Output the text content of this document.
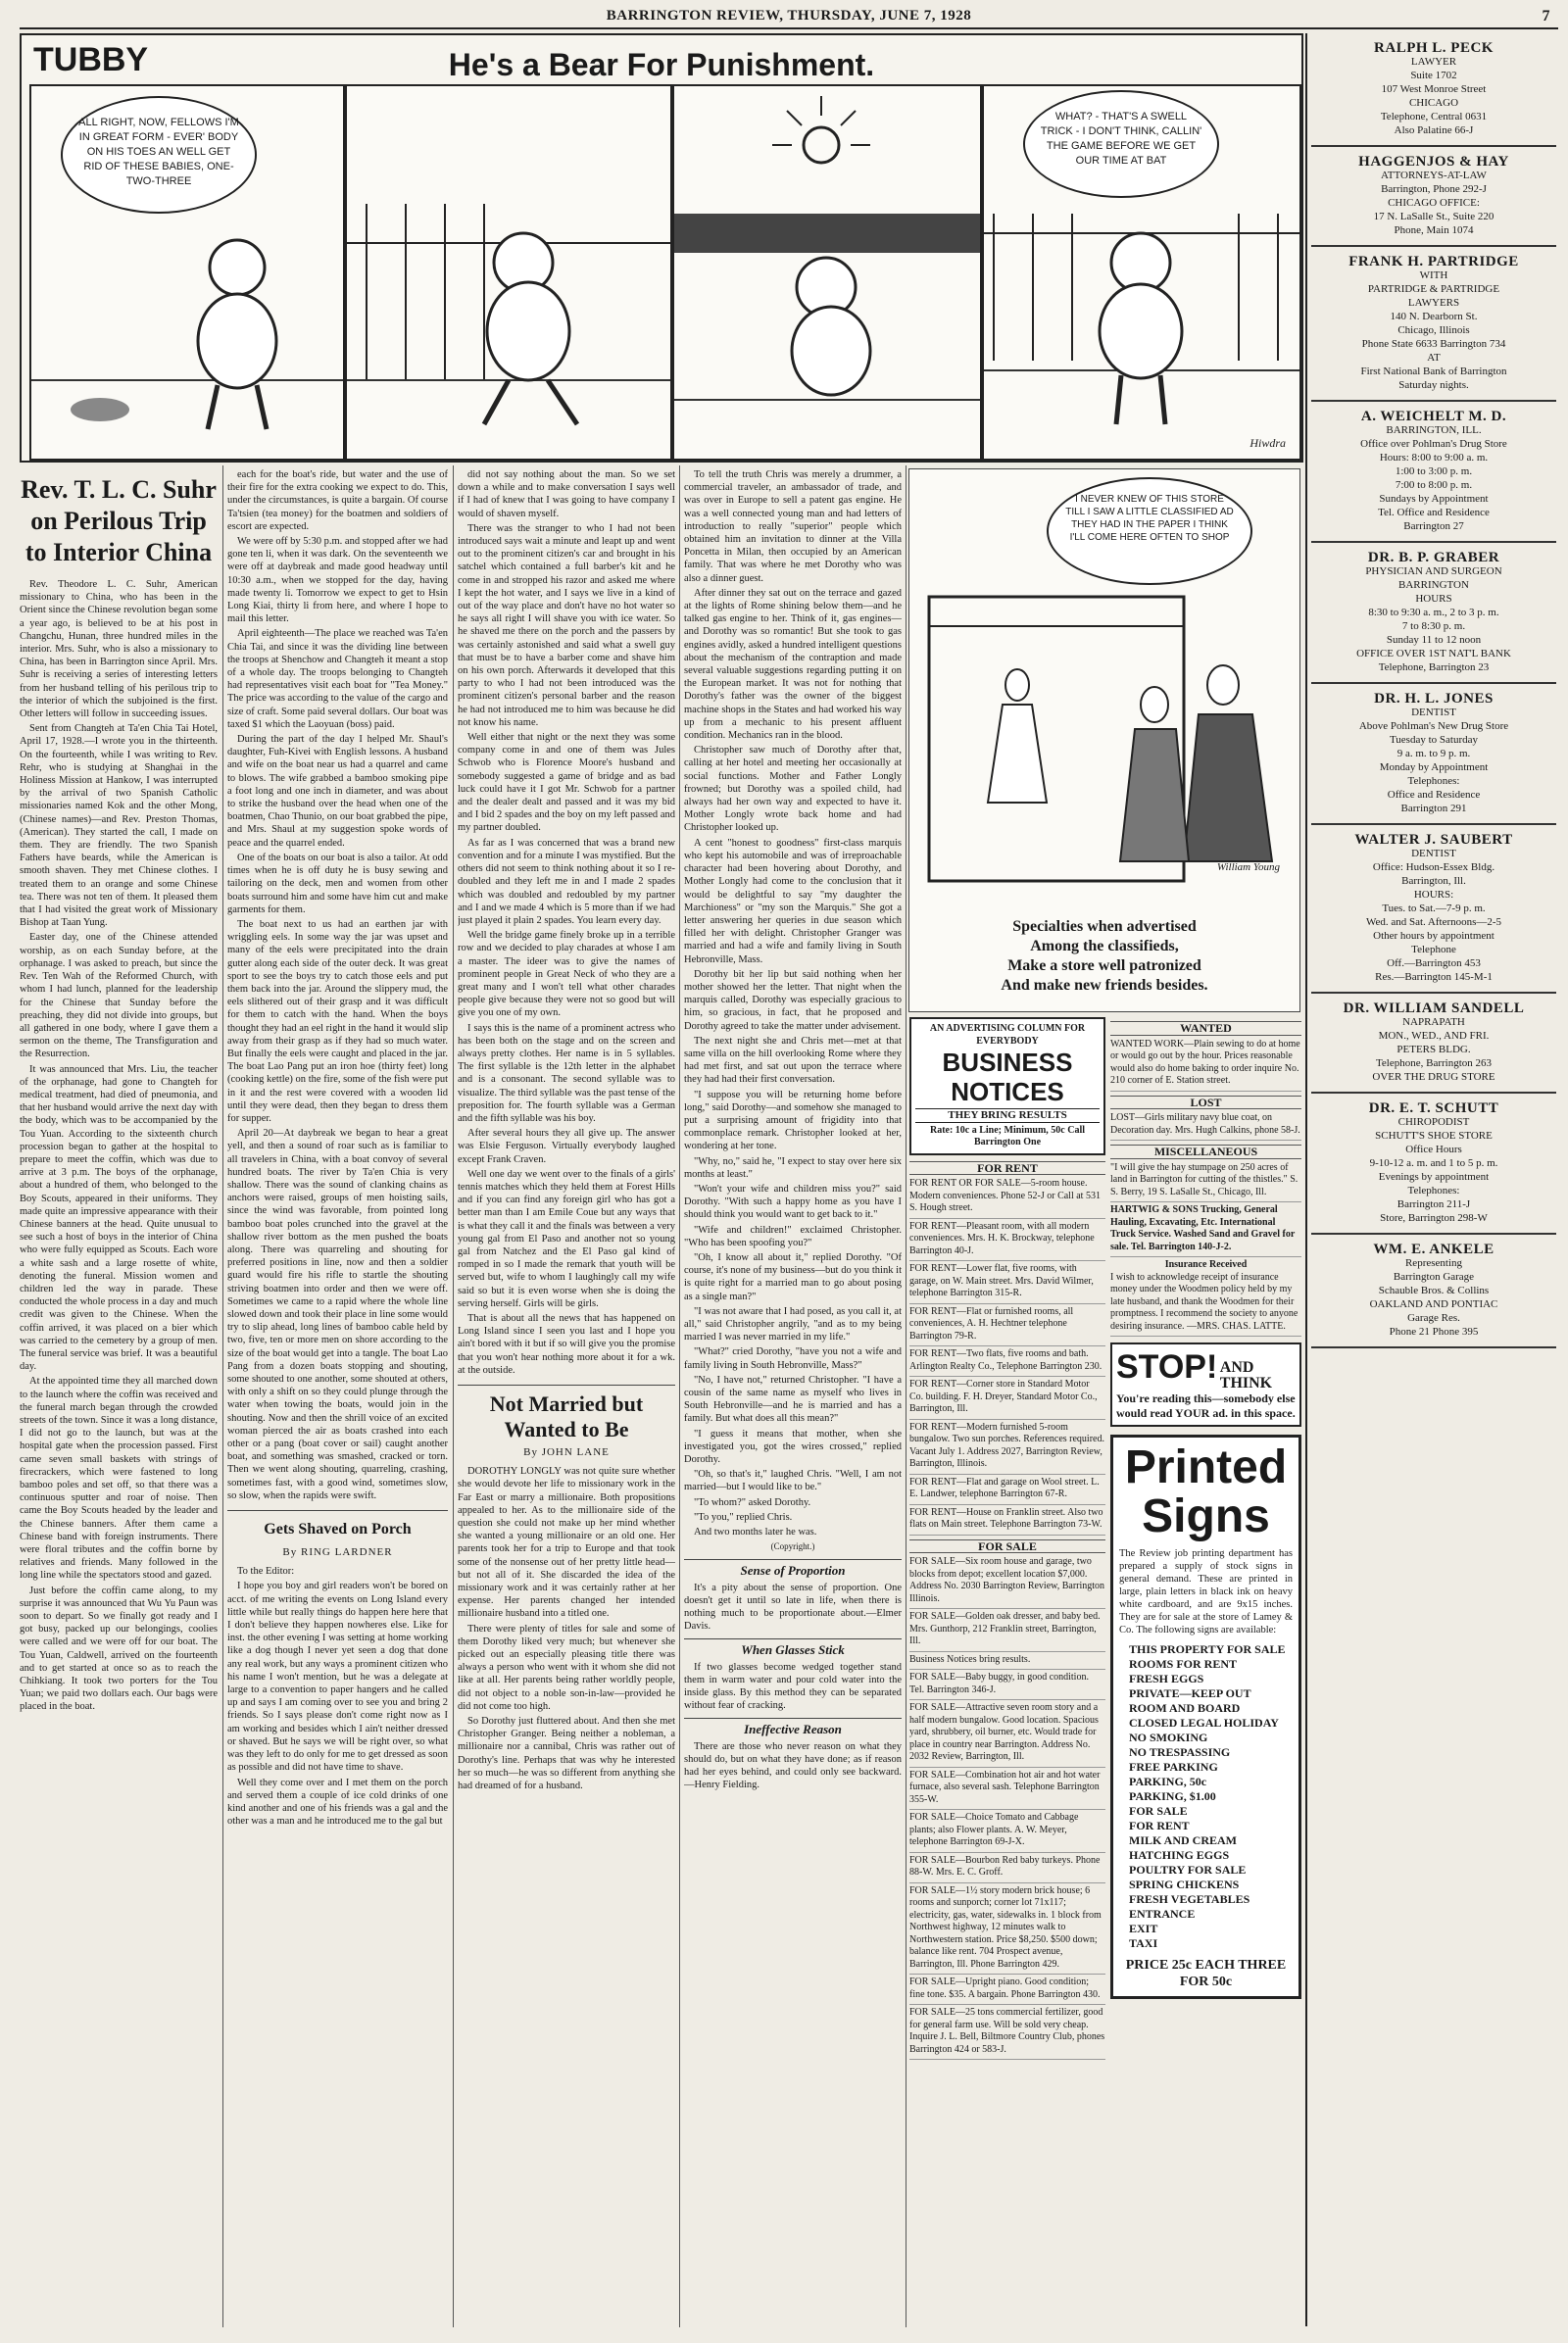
BARRINGTON REVIEW, THURSDAY, JUNE 7, 1928	7
TUBBY	He's a Bear For Punishment.
ALL RIGHT, NOW, FELLOWS I'M IN GREAT FORM - EVER' BODY ON HIS TOES AN WELL GET RID OF THESE BABIES, ONE-TWO-THREE
WHAT? - THAT'S A SWELL TRICK - I DON'T THINK, CALLIN' THE GAME BEFORE WE GET OUR TIME AT BAT
Hiwdra
Rev. T. L. C. Suhr on Perilous Trip to Interior China

Rev. Theodore L. C. Suhr, American missionary to China, who has been in the Orient since the Chinese revolution began some a year ago, is believed to be at his post in Changchu, Hunan, three hundred miles in the interior. Mrs. Suhr, who is also a missionary to China, has been in Barrington since April. Mrs. Suhr is receiving a series of interesting letters from her husband telling of his perilous trip to the interior of which the subjoined is the first. Other letters will follow in succeeding issues.

Sent from Changteh at Ta'en Chia Tai Hotel, April 17, 1928.—I wrote you in the thirteenth. On the fourteenth, while I was writing to Rev. Rehr, who is studying at Shanghai in the Holiness Mission at Hankow, I was interrupted by the arrival of two Spanish Catholic missionaries named Kok and the other Mong, (Chinese names)—and Rev. Preston Thomas, (American). They started the call, I made on them. They are friendly. The two Spanish Fathers have beards, while the American is smooth shaven. They met Chinese clothes. I treated them to an orange and some Chinese tea. There was not ten of them. It pleased them that I had visited the great work of Missionary Bishop at Taan Yung.

Easter day, one of the Chinese attended worship, as on each Sunday before, at the orphanage. I was asked to preach, but since the Rev. Ten Wah of the Reformed Church, with whom I had lunch, planned for the leadership for the Chinese that Sunday before the preaching, they did not divide into groups, but all gathered in one body, where I gave them a sermon on the theme, The Transfiguration and the Resurrection.

It was announced that Mrs. Liu, the teacher of the orphanage, had gone to Changteh for medical treatment, had died of pneumonia, and that her husband would arrive the next day with the body, which was to be accompanied by the Tou Yuan. According to the sixteenth church procession began to gather at the hospital to prepare to meet the coffin, which was due to arrive at 3 p.m. The boys of the orphanage, about a hundred of them, who belonged to the Boy Scouts, appeared in their uniforms. They made quite an impressive appearance with their Chinese banners at the head. Quite unusual to see such a host of boys in the interior of China who were fully equipped as Scouts. Each wore a white sash and a large rosette of white, denoting the funeral. Mission women and children led the way in parade. These conducted the whole process in a day and much credit was given to the Chinese. When the coffin arrived, it was placed on a bier which was carried to the cemetery by a group of men. The funeral service was brief. It was a beautiful day.

At the appointed time they all marched down to the launch where the coffin was received and the funeral march began through the crowded streets of the town. Since it was a long distance, I did not go to the launch, but was at the hospital gate when the procession passed. First came seven small baskets with strings of firecrackers, which were fastened to long bamboo poles and set off, so that there was a continuous sputter and roar of noise. Then came the Boy Scouts headed by the leader and the Chinese banners. After them came a Chinese band with foreign instruments. There were floral tributes and the coffin borne by relatives and friends. Many followed in the long line while the spectators stood and gazed.

Just before the coffin came along, to my surprise it was announced that Wu Yu Paun was soon to depart. So we finally got ready and I got busy, packed up our belongings, coolies were called and we were off for our boat. The Tou Yuan, Caldwell, arrived on the fourteenth and to get started at once so as to reach the Chihkiang. It took two porters for the Tou Yuan; we paid two dollars each. Our bags were placed in the boat.

each for the boat's ride, but water and the use of their fire for the extra cooking we expect to do. This, under the circumstances, is quite a bargain. Of course Ta'tsien (tea money) for the boatmen and soldiers of escort are expected.

We were off by 5:30 p.m. and stopped after we had gone ten li, when it was dark. On the seventeenth we were off at daybreak and made good headway until 10:30 a.m., when we stopped for the day, having made twenty li. Tomorrow we expect to get to Hsin Long Kiai, thirty li from here, and where I hope to mail this letter.

April eighteenth—The place we reached was Ta'en Chia Tai, and since it was the dividing line between the troops at Shenchow and Changteh it meant a stop of a whole day. The troops belonging to Changteh had representatives visit each boat for "Tea Money." The price was according to the value of the cargo and size of craft. Some paid several dollars. Our boat was taxed $1 which the Laoyuan (boss) paid.

During the part of the day I helped Mr. Shaul's daughter, Fuh-Kivei with English lessons. A husband and wife on the boat near us had a quarrel and came to blows. The wife grabbed a bamboo smoking pipe a foot long and one inch in diameter, and was about to strike the husband over the head when one of the boatmen, Chao Thunio, on our boat grabbed the pipe, and Mrs. Shaul at my suggestion spoke words of peace and the quarrel ended.

One of the boats on our boat is also a tailor. At odd times when he is off duty he is busy sewing and tailoring on the deck, men and women from other boats surround him and some have him cut and make garments for them.

The boat next to us had an earthen jar with wriggling eels. In some way the jar was upset and many of the eels were precipitated into the drain gutter along each side of the outer deck. It was great sport to see the boys try to catch those eels and put them back into the jar. Around the slippery mud, the eels slithered out of their grasp and it was difficult for them to catch with the hand. When the boys thought they had an eel right in the hand it would slip away from their grasp as if they had so much water. But finally the eels were caught and placed in the jar. The boat Lao Pang put an iron hoe (thirty feet) long (cooking kettle) on the fire, some of the fish were put in it and the rest were covered with a wooden lid until they were dead, then they began to dress them for supper.

April 20—At daybreak we began to hear a great yell, and then a sound of roar such as is familiar to all travelers in China, with a boat convoy of several hundred boats. The river by Ta'en Chia is very shallow. There was the sound of clanking chains as anchors were raised, groups of men hoisting sails, since the wind was favorable, from pointed long bamboo boat poles crunched into the gravel at the shallow river bottom as the men pushed the boats along. There was quarreling and shouting for preferred positions in line, now and then a soldier guard would fire his rifle to startle the shouting striving boatmen into order and then we were off. Sometimes we came to a rapid where the whole line slowed down and took their place in line some would try to slip ahead, long lines of bamboo cable held by two, five, ten or more men on shore according to the size of the boat would get into a tangle. The boat Lao Pang from a dozen boats stopping and shouting, some shouted to one another, some shouted at others, with only a shift on so they could plunge through the water when towing the boats, would join in the shouting. Now and then the shrill voice of an excited woman pierced the air as boats crashed into each other or a pang (boat cover or sail) caught another boat, and something was smashed, cracked or torn. Then we went along shouting, quarreling, crashing, sometimes fast, with a good wind, sometimes slow, so slow, when the rapids were swift.

Gets Shaved on Porch
By RING LARDNER

To the Editor:

I hope you boy and girl readers won't be bored on acct. of me writing the events on Long Island every little while but really things do happen here here that I don't believe they happen nowheres else. Like for inst. the other evening I was setting at home working like a dog though I never yet seen a dog that done any real work, but any ways a prominent citizen who his name I won't mention, but he was a delegate at large to a convention to paper hangers and he called up and says I am coming over to see you and bring 2 friends. So I says please don't come right now as I am working and besides which I ain't neither dressed or shaved. But he says we will be right over, so what was they left to do only for me to get dressed as soon as possible and did not have time to shave.

Well they come over and I met them on the porch and served them a couple of ice cold drinks of one kind another and one of his friends was a gal and the other was a man and he introduced me to the gal but

did not say nothing about the man. So we set down a while and to make conversation I says well if I had of knew that I was going to have company I would of shaven myself.

There was the stranger to who I had not been introduced says wait a minute and leapt up and went out to the prominent citizen's car and brought in his satchel which contained a full barber's kit and he come in and stropped his razor and asked me where I kept the hot water, and I says we live in a kind of out of the way place and don't have no hot water so he says all right I will shave you with ice water. So he shaved me there on the porch and the passers by was certainly astonished and said what a swell guy that must be to have a barber come and shave him on his own porch. Afterwards it developed that this party to who I had not been introduced was the prominent citizen's personal barber and the reason he had not introduced me to him was because he did not know his name.

Well either that night or the next they was some company come in and one of them was Jules Schwob who is Florence Moore's husband and somebody suggested a game of bridge and as bad luck could have it I got Mr. Schwob for a partner and the dealer dealt and passed and it was my bid and I bid 2 spades and the boy on my left passed and my partner doubled.

As far as I was concerned that was a brand new convention and for a minute I was mystified. But the others did not seem to think nothing about it so I re-doubled and they left me in and I made 2 spades which was doubled and redoubled by my partner and I and we made 4 which is 5 more than if we had just played it plain 2 spades. You learn every day.

Well the bridge game finely broke up in a terrible row and we decided to play charades at whose I am a master. The ideer was to give the names of prominent people in Great Neck of who they are a great many and I won't tell what other charades people give because they were not so good but will give you one of my own.

I says this is the name of a prominent actress who has been both on the stage and on the screen and always pretty clothes. Her name is in 5 syllables. The first syllable is the 12th letter in the alphabet and is a consonant. The second syllable was to visualize. The third syllable was the past tense of the preposition for. The fourth syllable was a German and the fifth syllable was his boy.

After several hours they all give up. The answer was Elsie Ferguson. Virtually everybody laughed except Frank Craven.

Well one day we went over to the finals of a girls' tennis matches which they held them at Forest Hills and if you can find any foreign girl who has got a better man than I am Emile Coue but any ways that is what they call it and the finals was between a very young gal from El Paso and another not so young gal from Natchez and the El Paso gal kind of romped in so I made the remark that youth will be served but, wife to whom I laughingly call my wife said so but it is even worse when she is doing the serving herself. Girls will be girls.

That is about all the news that has happened on Long Island since I seen you last and I hope you ain't bored with it but if so will give you the promise that you won't hear nothing more about it for a wk. at the outside.

Not Married but Wanted to Be
By JOHN LANE

DOROTHY LONGLY was not quite sure whether she would devote her life to missionary work in the Far East or marry a millionaire. Both propositions appealed to her. As to the millionaire side of the question she could not make up her mind whether she wanted a young millionaire or an old one. Her parents took her for a trip to Europe and that took some of the nonsense out of her pretty little head—but not all of it. She discarded the idea of the missionary work and it was certainly rather at her expense. Her parents changed her intended millionaire husband into a titled one.

There were plenty of titles for sale and some of them Dorothy liked very much; but whenever she picked out an especially pleasing title there was always a person who went with it whom she did not like at all. Her parents being rather worldly people, did not object to a noble son-in-law—provided he did not come too high.

So Dorothy just fluttered about. And then she met Christopher Granger. Being neither a nobleman, a millionaire nor a cannibal, Chris was rather out of Dorothy's line. Perhaps that was why he interested her so much—he was so different from anything she had dreamed of for a husband.

To tell the truth Chris was merely a drummer, a commercial traveler, an ambassador of trade, and was over in Europe to sell a patent gas engine. He was a well connected young man and had letters of introduction to really "superior" people which obtained him an invitation to dinner at the Villa Poncetta in Milan, then occupied by an American family. That was where he met Dorothy who was also a dinner guest.

After dinner they sat out on the terrace and gazed at the lights of Rome shining below them—and he talked gas engine to her. Think of it, gas engines—and Dorothy was so romantic! But she took to gas engines avidly, asked a hundred intelligent questions about the mechanism of the contraption and made several valuable suggestions regarding putting it on the European market. It was not for nothing that Dorothy's father was the owner of the biggest machine shops in the States and had worked his way up from a mechanic to his present affluent condition. Mechanics ran in the blood.

Christopher saw much of Dorothy after that, calling at her hotel and meeting her occasionally at social functions. Mother and Father Longly frowned; but Dorothy was a spoiled child, had always had her own way and expected to have it. Mother Longly wrote back home and had Christopher looked up.

A cent "honest to goodness" first-class marquis who kept his automobile and was of irreproachable character had been hovering about Dorothy, and Mother Longly had come to the conclusion that it would be delightful to say "my daughter the Marchioness" or "my son the Marquis." She got a letter answering her queries in due season which filled her with delight. Christopher Granger was married and had a wife and family living in South Hebronville, Mass.

Dorothy bit her lip but said nothing when her mother showed her the letter. That night when the marquis called, Dorothy was especially gracious to him, so gracious, in fact, that he proposed and Dorothy agreed to take the matter under advisement.

The next night she and Chris met—met at that same villa on the hill overlooking Rome where they had met first, and sat out upon the terrace where they had had their first conversation.

"I suppose you will be returning home before long," said Dorothy—and somehow she managed to put a surprising amount of frigidity into that commonplace remark. Christopher looked at her, wondering at her tone.

"Why, no," said he, "I expect to stay over here six months at least."

"Won't your wife and children miss you?" said Dorothy. "With such a happy home as you have I should think you would want to get back to it."

"Wife and children!" exclaimed Christopher. "Who has been spoofing you?"

"Oh, I know all about it," replied Dorothy. "Of course, it's none of my business—but do you think it is quite right for a married man to go about posing as a single man?"

"I was not aware that I had posed, as you call it, at all," said Christopher angrily, "and as to my being married I was never married in my life."

"What?" cried Dorothy, "have you not a wife and family living in South Hebronville, Mass?"

"No, I have not," returned Christopher. "I have a cousin of the same name as myself who lives in South Hebronville—and he is married and has a family. But what does all this mean?"

"I guess it means that mother, when she investigated you, got the wires crossed," replied Dorothy.

"Oh, so that's it," laughed Chris. "Well, I am not married—but I would like to be."

"To whom?" asked Dorothy.

"To you," replied Chris.

And two months later he was.

(Copyright.)
Sense of Proportion

It's a pity about the sense of proportion. One doesn't get it until so late in life, when there is nothing much to be proportionate about.—Elmer Davis.

When Glasses Stick

If two glasses become wedged together stand them in warm water and pour cold water into the inside glass. By this method they can be separated without fear of cracking.

Ineffective Reason

There are those who never reason on what they should do, but on what they have done; as if reason had her eyes behind, and could only see backward.—Henry Fielding.

I NEVER KNEW OF THIS STORE TILL I SAW A LITTLE CLASSIFIED AD THEY HAD IN THE PAPER I THINK I'LL COME HERE OFTEN TO SHOP
William Young
Specialties when advertised
Among the classifieds,
Make a store well patronized
And make new friends besides.
AN ADVERTISING COLUMN FOR EVERYBODY
BUSINESS NOTICES
THEY BRING RESULTS
Rate: 10c a Line; Minimum, 50c Call Barrington One
FOR RENT
FOR RENT OR FOR SALE—5-room house. Modern conveniences. Phone 52-J or Call at 531 S. Hough street.
FOR RENT—Pleasant room, with all modern conveniences. Mrs. H. K. Brockway, telephone Barrington 40-J.
FOR RENT—Lower flat, five rooms, with garage, on W. Main street. Mrs. David Wilmer, telephone Barrington 315-R.
FOR RENT—Flat or furnished rooms, all conveniences, A. H. Hechtner telephone Barrington 79-R.
FOR RENT—Two flats, five rooms and bath. Arlington Realty Co., Telephone Barrington 230.
FOR RENT—Corner store in Standard Motor Co. building. F. H. Dreyer, Standard Motor Co., Barrington, Ill.
FOR RENT—Modern furnished 5-room bungalow. Two sun porches. References required. Vacant July 1. Address 2027, Barrington Review, Barrington, Illinois.
FOR RENT—Flat and garage on Wool street. L. E. Landwer, telephone Barrington 67-R.
FOR RENT—House on Franklin street. Also two flats on Main street. Telephone Barrington 73-W.
FOR SALE
FOR SALE—Six room house and garage, two blocks from depot; excellent location $7,000. Address No. 2030 Barrington Review, Barrington Illinois.
FOR SALE—Golden oak dresser, and baby bed. Mrs. Gunthorp, 212 Franklin street, Barrington, Ill.
Business Notices bring results.
FOR SALE—Baby buggy, in good condition. Tel. Barrington 346-J.
FOR SALE—Attractive seven room story and a half modern bungalow. Good location. Spacious yard, shrubbery, oil burner, etc. Would trade for place in country near Barrington. Address No. 2032 Review, Barrington, Ill.
FOR SALE—Combination hot air and hot water furnace, also several sash. Telephone Barrington 355-W.
FOR SALE—Choice Tomato and Cabbage plants; also Flower plants. A. W. Meyer, telephone Barrington 69-J-X.
FOR SALE—Bourbon Red baby turkeys. Phone 88-W. Mrs. E. C. Groff.
FOR SALE—1½ story modern brick house; 6 rooms and sunporch; corner lot 71x117; electricity, gas, water, sidewalks in. 1 block from Northwest highway, 12 minutes walk to Northwestern station. Price $8,250. $500 down; balance like rent. 704 Prospect avenue, Barrington, Ill. Phone Barrington 429.
FOR SALE—Upright piano. Good condition; fine tone. $35. A bargain. Phone Barrington 430.
FOR SALE—25 tons commercial fertilizer, good for general farm use. Will be sold very cheap. Inquire J. L. Bell, Biltmore Country Club, phones Barrington 424 or 583-J.
WANTED
WANTED WORK—Plain sewing to do at home or would go out by the hour. Prices reasonable would also do home baking to order inquire No. 210 corner of E. Station street.
LOST
LOST—Girls military navy blue coat, on Decoration day. Mrs. Hugh Calkins, phone 58-J.
MISCELLANEOUS
"I will give the hay stumpage on 250 acres of land in Barrington for cutting of the thistles." S. S. Berry, 19 S. LaSalle St., Chicago, Ill.
HARTWIG & SONS Trucking, General Hauling, Excavating, Etc. International Truck Service. Washed Sand and Gravel for sale. Tel. Barrington 140-J-2.
Insurance Received
I wish to acknowledge receipt of insurance money under the Woodmen policy held by my late husband, and thank the Woodmen for their promptness. I recommend the society to anyone desiring insurance. —MRS. CHAS. LATTE.
STOP! AND THINK
You're reading this—somebody else would read YOUR ad. in this space.
Printed Signs
The Review job printing department has prepared a supply of stock signs in general demand. These are printed in large, plain letters in black ink on heavy white cardboard, and are 9x15 inches. They are for sale at the store of Lamey & Co. The following signs are available:
THIS PROPERTY FOR SALE
ROOMS FOR RENT
FRESH EGGS
PRIVATE—KEEP OUT
ROOM AND BOARD
CLOSED LEGAL HOLIDAY
NO SMOKING
NO TRESPASSING
FREE PARKING
PARKING, 50c
PARKING, $1.00
FOR SALE
FOR RENT
MILK AND CREAM
HATCHING EGGS
POULTRY FOR SALE
SPRING CHICKENS
FRESH VEGETABLES
ENTRANCE
EXIT
TAXI
PRICE 25c EACH THREE FOR 50c
RALPH L. PECK
LAWYER
Suite 1702
107 West Monroe Street
CHICAGO
Telephone, Central 0631
Also Palatine 66-J
HAGGENJOS & HAY
ATTORNEYS-AT-LAW
Barrington, Phone 292-J
CHICAGO OFFICE:
17 N. LaSalle St., Suite 220
Phone, Main 1074
FRANK H. PARTRIDGE
WITH
PARTRIDGE & PARTRIDGE
LAWYERS
140 N. Dearborn St.
Chicago, Illinois
Phone State 6633 Barrington 734
AT
First National Bank of Barrington
Saturday nights.
A. WEICHELT M. D.
BARRINGTON, ILL.
Office over Pohlman's Drug Store
Hours: 8:00 to 9:00 a. m.
1:00 to 3:00 p. m.
7:00 to 8:00 p. m.
Sundays by Appointment
Tel. Office and Residence
Barrington 27
DR. B. P. GRABER
PHYSICIAN AND SURGEON
BARRINGTON
HOURS
8:30 to 9:30 a. m., 2 to 3 p. m.
7 to 8:30 p. m.
Sunday 11 to 12 noon
OFFICE OVER 1ST NAT'L BANK
Telephone, Barrington 23
DR. H. L. JONES
DENTIST
Above Pohlman's New Drug Store
Tuesday to Saturday
9 a. m. to 9 p. m.
Monday by Appointment
Telephones:
Office and Residence
Barrington 291
WALTER J. SAUBERT
DENTIST
Office: Hudson-Essex Bldg.
Barrington, Ill.
HOURS:
Tues. to Sat.—7-9 p. m.
Wed. and Sat. Afternoons—2-5
Other hours by appointment
Telephone
Off.—Barrington 453
Res.—Barrington 145-M-1
DR. WILLIAM SANDELL
NAPRAPATH
MON., WED., AND FRI.
PETERS BLDG.
Telephone, Barrington 263
OVER THE DRUG STORE
DR. E. T. SCHUTT
CHIROPODIST
SCHUTT'S SHOE STORE
Office Hours
9-10-12 a. m. and 1 to 5 p. m.
Evenings by appointment
Telephones:
Barrington 211-J
Store, Barrington 298-W
WM. E. ANKELE
Representing
Barrington Garage
Schauble Bros. & Collins
OAKLAND AND PONTIAC
Garage Res.
Phone 21 Phone 395
